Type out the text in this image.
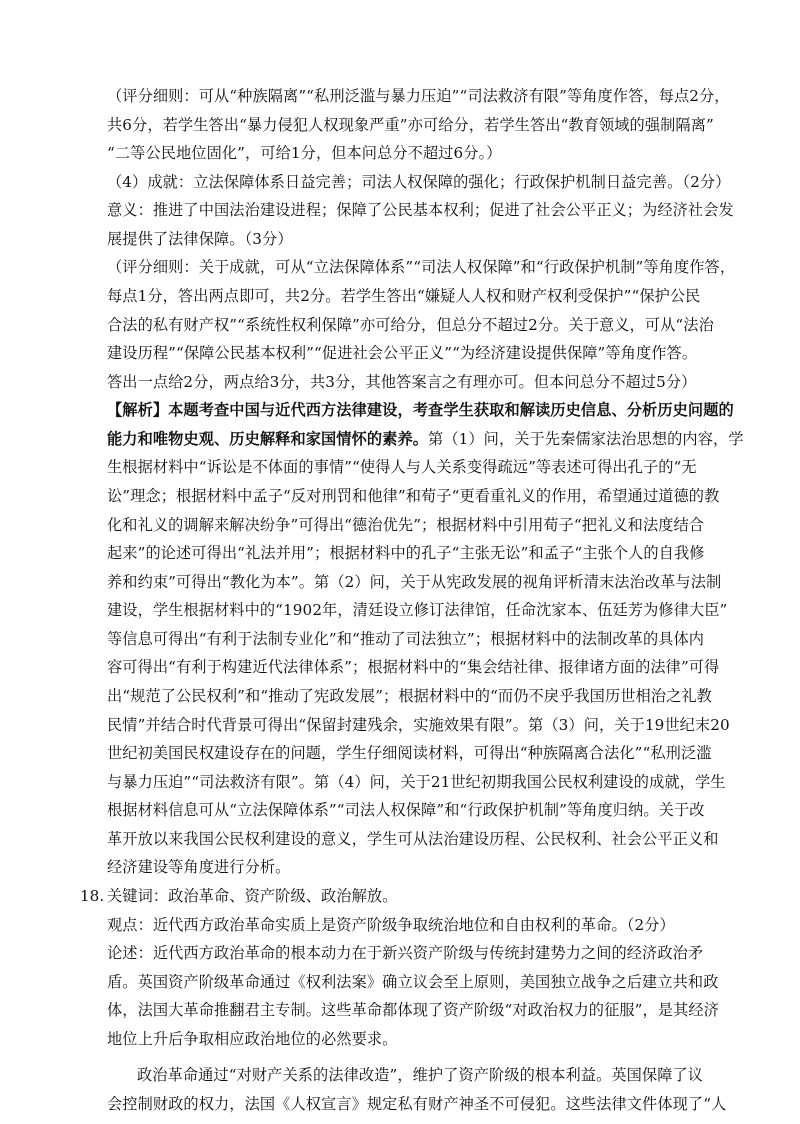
（评分细则：可从“种族隔离”“私刑泛滥与暴力压迫”“司法救济有限”等角度作答，每点2分，
共6分，若学生答出“暴力侵犯人权现象严重”亦可给分，若学生答出“教育领域的强制隔离”
“二等公民地位固化”，可给1分，但本问总分不超过6分。）
（4）成就：立法保障体系日益完善；司法人权保障的强化；行政保护机制日益完善。（2分）
意义：推进了中国法治建设进程；保障了公民基本权利；促进了社会公平正义；为经济社会发
展提供了法律保障。（3分）
（评分细则：关于成就，可从“立法保障体系”“司法人权保障”和“行政保护机制”等角度作答，
每点1分，答出两点即可，共2分。若学生答出“嫌疑人人权和财产权利受保护”“保护公民
合法的私有财产权”“系统性权利保障”亦可给分，但总分不超过2分。关于意义，可从“法治
建设历程”“保障公民基本权利”“促进社会公平正义”“为经济建设提供保障”等角度作答。
答出一点给2分，两点给3分，共3分，其他答案言之有理亦可。但本问总分不超过5分）
【解析】本题考查中国与近代西方法律建设，考查学生获取和解读历史信息、分析历史问题的
能力和唯物史观、历史解释和家国情怀的素养。第（1）问，关于先秦儒家法治思想的内容，学
生根据材料中“诉讼是不体面的事情”“使得人与人关系变得疏远”等表述可得出孔子的“无
讼”理念；根据材料中孟子“反对刑罚和他律”和荀子“更看重礼义的作用，希望通过道德的教
化和礼义的调解来解决纷争”可得出“德治优先”；根据材料中引用荀子“把礼义和法度结合
起来”的论述可得出“礼法并用”；根据材料中的孔子“主张无讼”和孟子“主张个人的自我修
养和约束”可得出“教化为本”。第（2）问，关于从宪政发展的视角评析清末法治改革与法制
建设，学生根据材料中的“1902年，清廷设立修订法律馆，任命沈家本、伍廷芳为修律大臣”
等信息可得出“有利于法制专业化”和“推动了司法独立”；根据材料中的法制改革的具体内
容可得出“有利于构建近代法律体系”；根据材料中的“集会结社律、报律诸方面的法律”可得
出“规范了公民权利”和“推动了宪政发展”；根据材料中的“而仍不戾乎我国历世相治之礼教
民情”并结合时代背景可得出“保留封建残余，实施效果有限”。第（3）问，关于19世纪末20
世纪初美国民权建设存在的问题，学生仔细阅读材料，可得出“种族隔离合法化”“私刑泛滥
与暴力压迫”“司法救济有限”。第（4）问，关于21世纪初期我国公民权利建设的成就，学生
根据材料信息可从“立法保障体系”“司法人权保障”和“行政保护机制”等角度归纳。关于改
革开放以来我国公民权利建设的意义，学生可从法治建设历程、公民权利、社会公平正义和
经济建设等角度进行分析。
18. 关键词：政治革命、资产阶级、政治解放。
观点：近代西方政治革命实质上是资产阶级争取统治地位和自由权利的革命。（2分）
论述：近代西方政治革命的根本动力在于新兴资产阶级与传统封建势力之间的经济政治矛
盾。英国资产阶级革命通过《权利法案》确立议会至上原则，美国独立战争之后建立共和政
体，法国大革命推翻君主专制。这些革命都体现了资产阶级“对政治权力的征服”，是其经济
地位上升后争取相应政治地位的必然要求。
政治革命通过“对财产关系的法律改造”，维护了资产阶级的根本利益。英国保障了议
会控制财政的权力，法国《人权宣言》规定私有财产神圣不可侵犯。这些法律文件体现了“人
